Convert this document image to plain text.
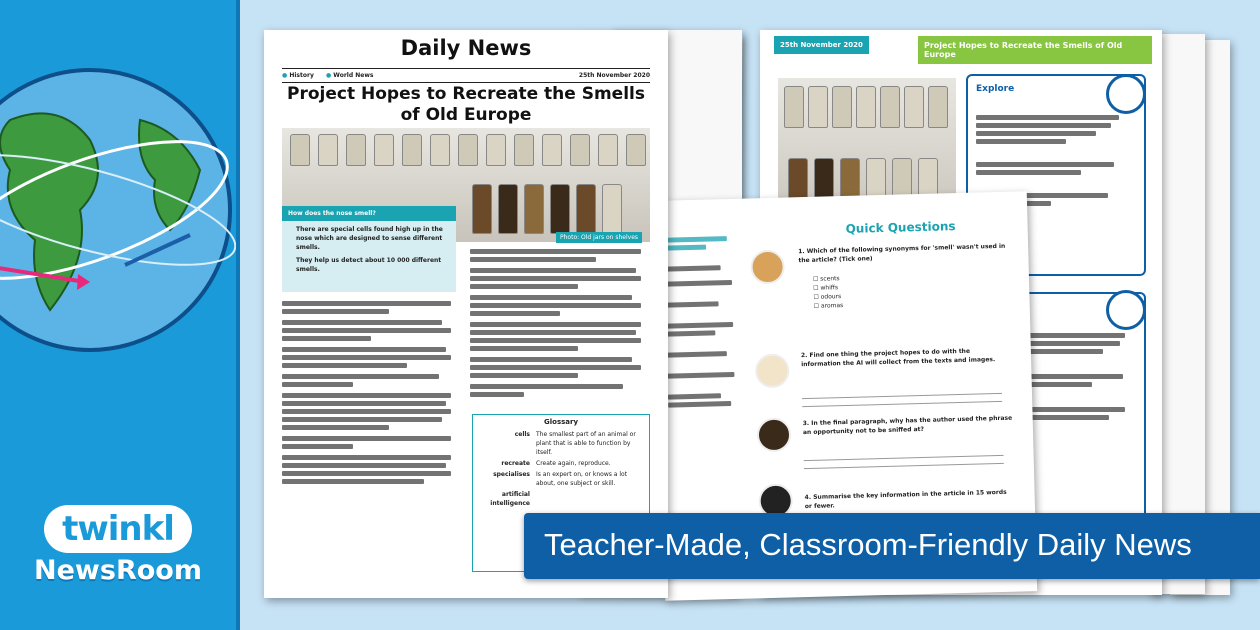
twinkl
NewsRoom
25th November 2020	Project Hopes to Recreate the Smells of Old Europe
Explore
Quick Questions
1. Which of the following synonyms for 'smell' wasn't used in the article? (Tick one)
☐ scents
☐ whiffs
☐ odours
☐ aromas
2. Find one thing the project hopes to do with the information the AI will collect from the texts and images.
3. In the final paragraph, why has the author used the phrase an opportunity not to be sniffed at?
4. Summarise the key information in the article in 15 words or fewer.
Daily News
● History ● World News	25th November 2020
Project Hopes to Recreate the Smells of Old Europe
Photo: Old jars on shelves
How does the nose smell?
There are special cells found high up in the nose which are designed to sense different smells.
They help us detect about 10 000 different smells.
Glossary
cells	The smallest part of an animal or plant that is able to function by itself.
recreate	Create again, reproduce.
specialises	Is an expert on, or knows a lot about, one subject or skill.
artificial intelligence	
Teacher-Made, Classroom-Friendly Daily News
